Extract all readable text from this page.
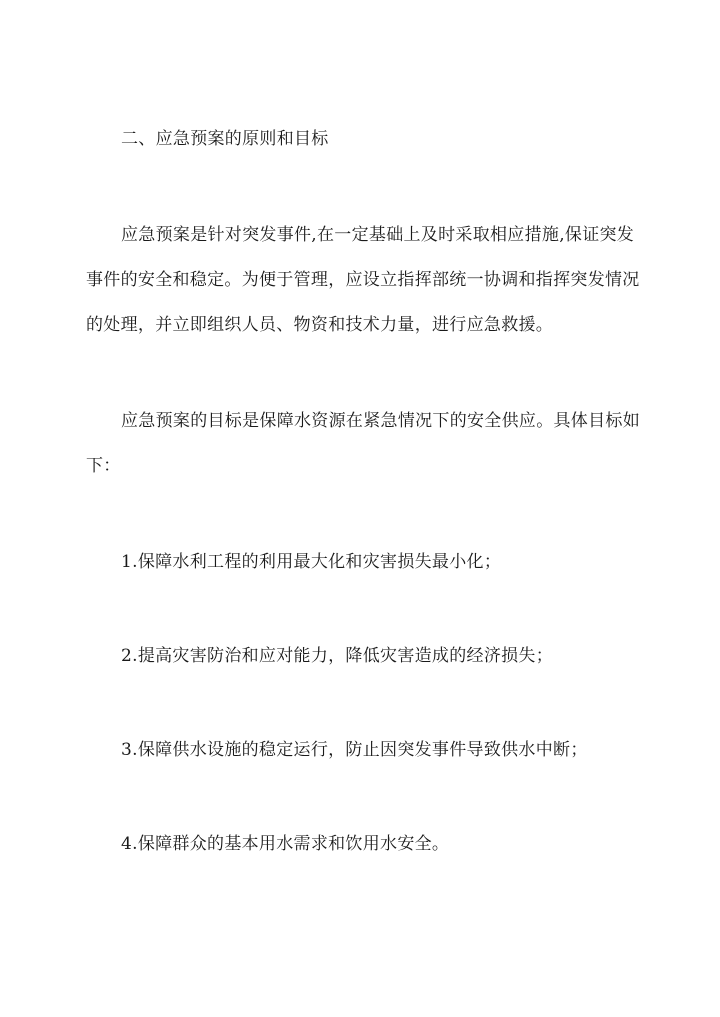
二、应急预案的原则和目标
应急预案是针对突发事件,在一定基础上及时采取相应措施,保证突发
事件的安全和稳定。为便于管理，应设立指挥部统一协调和指挥突发情况
的处理，并立即组织人员、物资和技术力量，进行应急救援。
应急预案的目标是保障水资源在紧急情况下的安全供应。具体目标如
下：
1.保障水利工程的利用最大化和灾害损失最小化；
2.提高灾害防治和应对能力，降低灾害造成的经济损失；
3.保障供水设施的稳定运行，防止因突发事件导致供水中断；
4.保障群众的基本用水需求和饮用水安全。
